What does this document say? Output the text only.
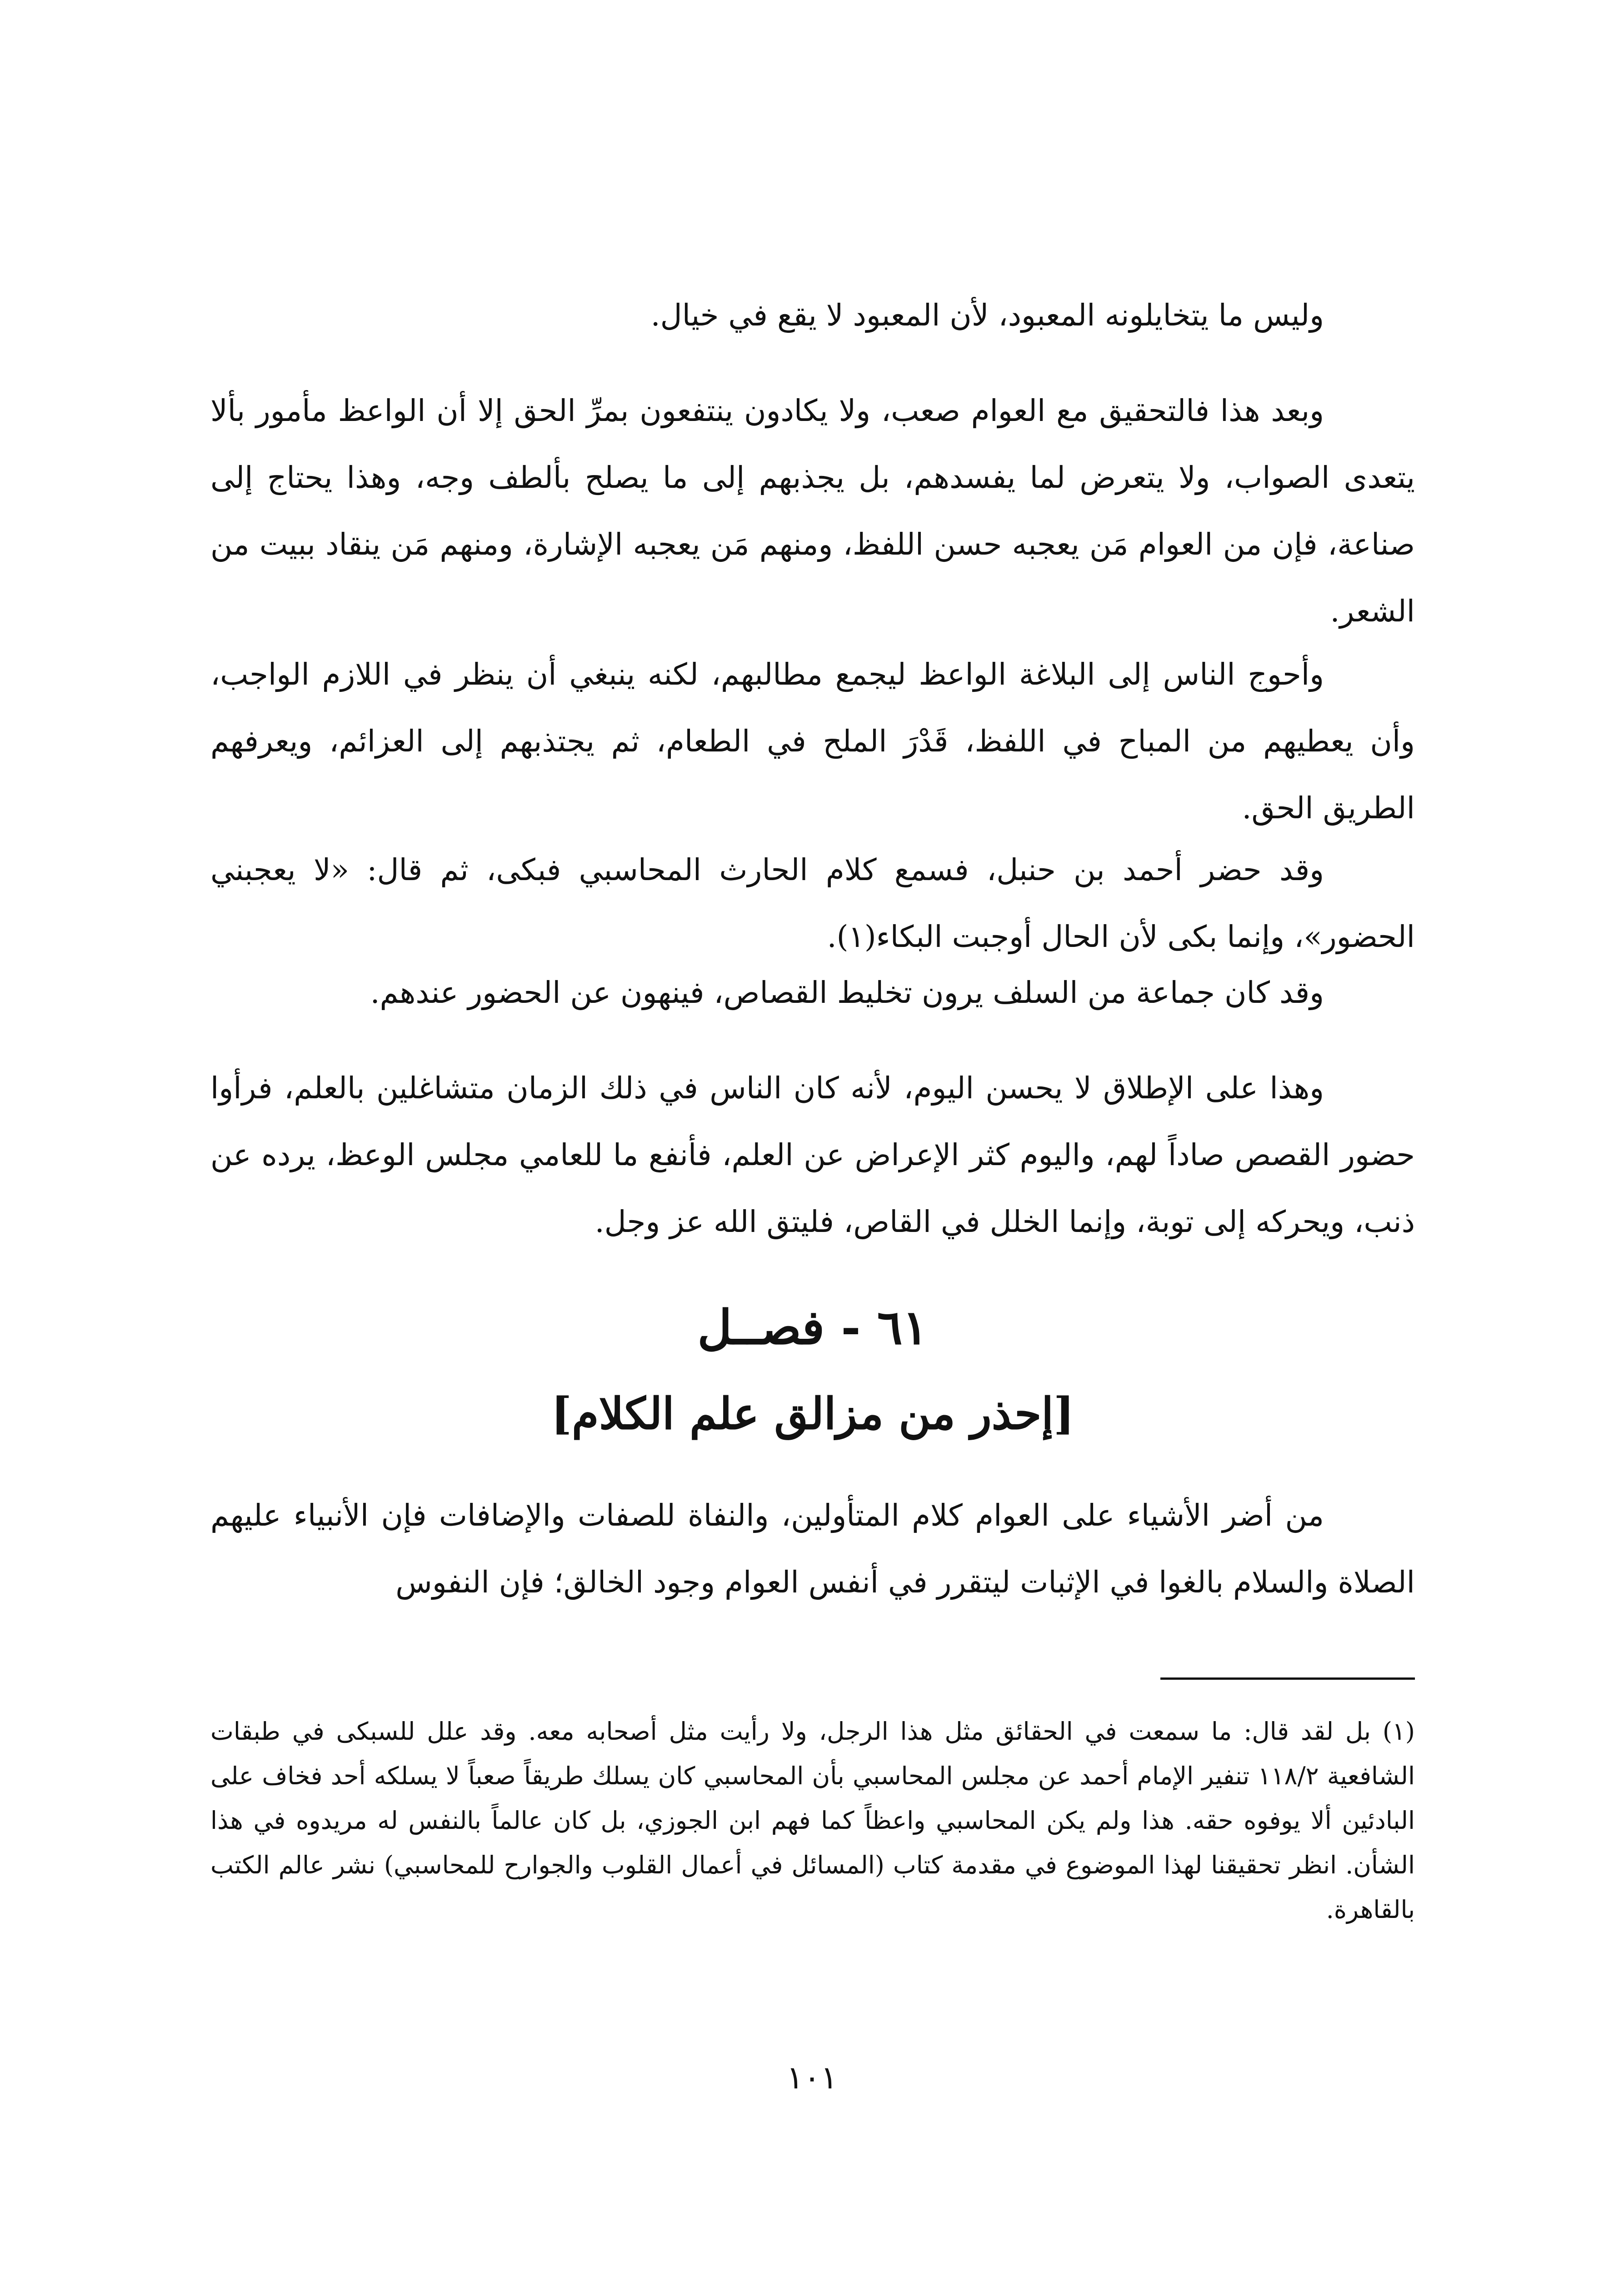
وليس ما يتخايلونه المعبود، لأن المعبود لا يقع في خيال.

وبعد هذا فالتحقيق مع العوام صعب، ولا يكادون ينتفعون بمرِّ الحق إلا أن الواعظ مأمور بألا يتعدى الصواب، ولا يتعرض لما يفسدهم، بل يجذبهم إلى ما يصلح بألطف وجه، وهذا يحتاج إلى صناعة، فإن من العوام مَن يعجبه حسن اللفظ، ومنهم مَن يعجبه الإشارة، ومنهم مَن ينقاد ببيت من الشعر.

وأحوج الناس إلى البلاغة الواعظ ليجمع مطالبهم، لكنه ينبغي أن ينظر في اللازم الواجب، وأن يعطيهم من المباح في اللفظ، قَدْرَ الملح في الطعام، ثم يجتذبهم إلى العزائم، ويعرفهم الطريق الحق.

وقد حضر أحمد بن حنبل، فسمع كلام الحارث المحاسبي فبكى، ثم قال: «لا يعجبني الحضور»، وإنما بكى لأن الحال أوجبت البكاء(١).

وقد كان جماعة من السلف يرون تخليط القصاص، فينهون عن الحضور عندهم.

وهذا على الإطلاق لا يحسن اليوم، لأنه كان الناس في ذلك الزمان متشاغلين بالعلم، فرأوا حضور القصص صاداً لهم، واليوم كثر الإعراض عن العلم، فأنفع ما للعامي مجلس الوعظ، يرده عن ذنب، ويحركه إلى توبة، وإنما الخلل في القاص، فليتق الله عز وجل.

٦١ - فصــل
[إحذر من مزالق علم الكلام]

من أضر الأشياء على العوام كلام المتأولين، والنفاة للصفات والإضافات فإن الأنبياء عليهم الصلاة والسلام بالغوا في الإثبات ليتقرر في أنفس العوام وجود الخالق؛ فإن النفوس

(١) بل لقد قال: ما سمعت في الحقائق مثل هذا الرجل، ولا رأيت مثل أصحابه معه. وقد علل للسبكى في طبقات الشافعية ١١٨/٢ تنفير الإمام أحمد عن مجلس المحاسبي بأن المحاسبي كان يسلك طريقاً صعباً لا يسلكه أحد فخاف على البادئين ألا يوفوه حقه. هذا ولم يكن المحاسبي واعظاً كما فهم ابن الجوزي، بل كان عالماً بالنفس له مريدوه في هذا الشأن. انظر تحقيقنا لهذا الموضوع في مقدمة كتاب (المسائل في أعمال القلوب والجوارح للمحاسبي) نشر عالم الكتب بالقاهرة.
١٠١
